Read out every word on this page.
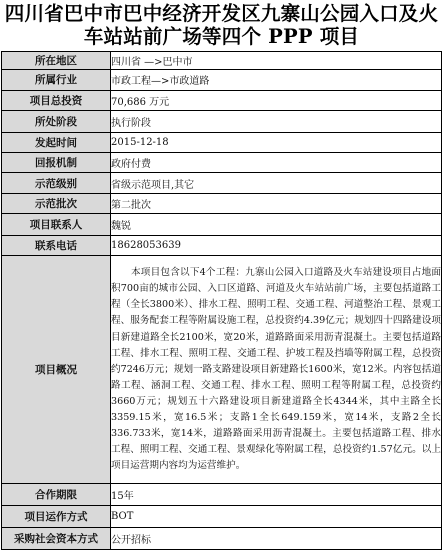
四川省巴中市巴中经济开发区九寨山公园入口及火车站站前广场等四个 PPP 项目
所在地区	四川省 —>巴中市
所属行业	市政工程—>市政道路
项目总投资	70,686 万元
所处阶段	执行阶段
发起时间	2015-12-18
回报机制	政府付费
示范级别	省级示范项目,其它
示范批次	第二批次
项目联系人	魏锐
联系电话	18628053639
项目概况	本项目包含以下4个工程：九寨山公园入口道路及火车站建设项目占地面积700亩的城市公园、入口区道路、河道及火车站站前广场，主要包括道路工程（全长3800米）、排水工程、照明工程、交通工程、河道整治工程、景观工程、服务配套工程等附属设施工程，总投资约4.39亿元；规划四十四路建设项目新建道路全长2100米，宽20米，道路路面采用沥青混凝土。主要包括道路工程、排水工程、照明工程、交通工程、护坡工程及挡墙等附属工程，总投资约7246万元；规划一路支路建设项目新建路长1600米，宽12米。内容包括道路工程、涵洞工程、交通工程、排水工程、照明工程等附属工程，总投资约3660万元；规划五十六路建设项目新建道路全长4344米，其中主路全长3359.15米，宽16.5米；支路1全长649.159米，宽14米，支路2全长336.733米，宽14米，道路路面采用沥青混凝土。主要包括道路工程、排水工程、照明工程、交通工程、景观绿化等附属工程，总投资约1.57亿元。以上项目运营期内容均为运营维护。
合作期限	15年
项目运作方式	BOT
采购社会资本方式	公开招标
